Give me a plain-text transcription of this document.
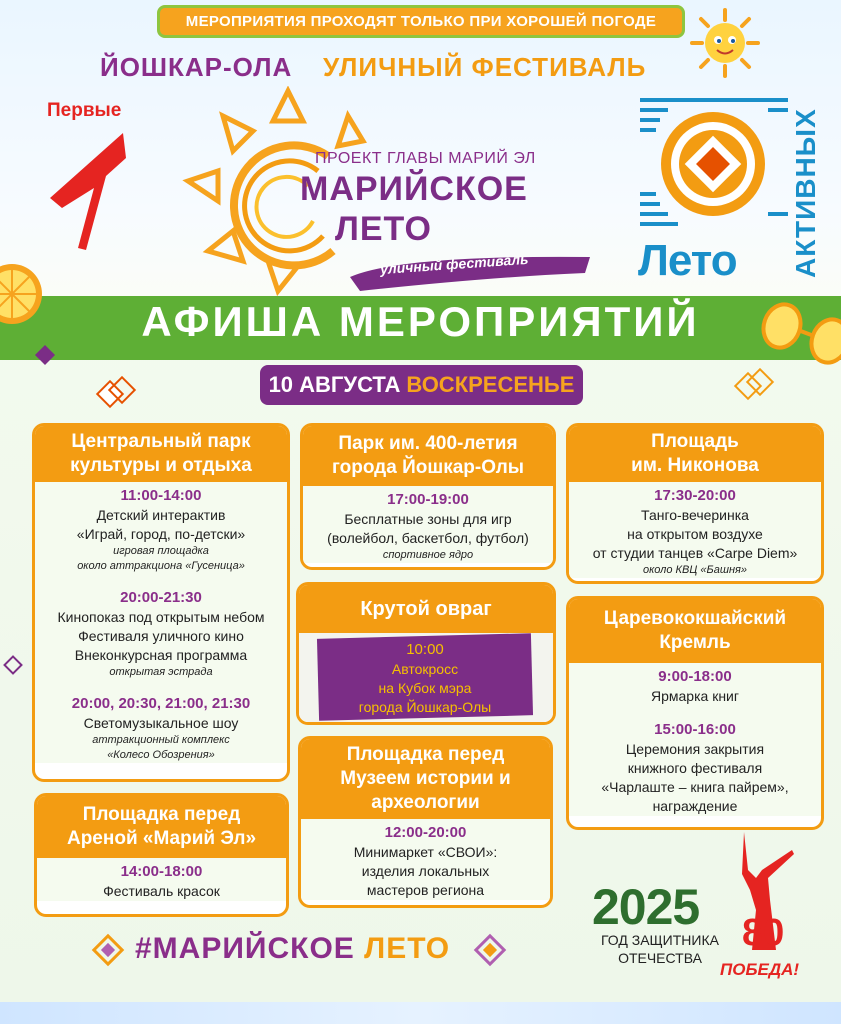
МЕРОПРИЯТИЯ ПРОХОДЯТ ТОЛЬКО ПРИ ХОРОШЕЙ ПОГОДЕ
ЙОШКАР-ОЛА УЛИЧНЫЙ ФЕСТИВАЛЬ
Первые
ПРОЕКТ ГЛАВЫ МАРИЙ ЭЛ
МАРИЙСКОЕ
ЛЕТО
уличный фестиваль Лето АКТИВНЫХ
АФИША МЕРОПРИЯТИЙ
10 АВГУСТА ВОСКРЕСЕНЬЕ
Центральный парк
культуры и отдыха
11:00-14:00
Детский интерактив
«Играй, город, по-детски»
игровая площадка
около аттракциона «Гусеница»
20:00-21:30
Кинопоказ под открытым небом
Фестиваля уличного кино
Внеконкурсная программа
открытая эстрада
20:00, 20:30, 21:00, 21:30
Светомузыкальное шоу
аттракционный комплекс
«Колесо Обозрения»
Парк им. 400-летия
города Йошкар-Олы
17:00-19:00
Бесплатные зоны для игр
(волейбол, баскетбол, футбол)
спортивное ядро
Площадь
им. Никонова
17:30-20:00
Танго-вечеринка
на открытом воздухе
от студии танцев «Carpe Diem»
около КВЦ «Башня»
Крутой овраг
10:00
Автокросс
на Кубок мэра
города Йошкар-Олы
Царевококшайский
Кремль
9:00-18:00
Ярмарка книг
15:00-16:00
Церемония закрытия
книжного фестиваля
«Чарлаште – книга пайрем»,
награждение
Площадка перед
Музеем истории и
археологии
12:00-20:00
Минимаркет «СВОИ»:
изделия локальных
мастеров региона
Площадка перед
Ареной «Марий Эл»
14:00-18:00
Фестиваль красок
#МАРИЙСКОЕ ЛЕТО
2025
ГОД ЗАЩИТНИКА
ОТЕЧЕСТВА
80
ПОБЕДА!
